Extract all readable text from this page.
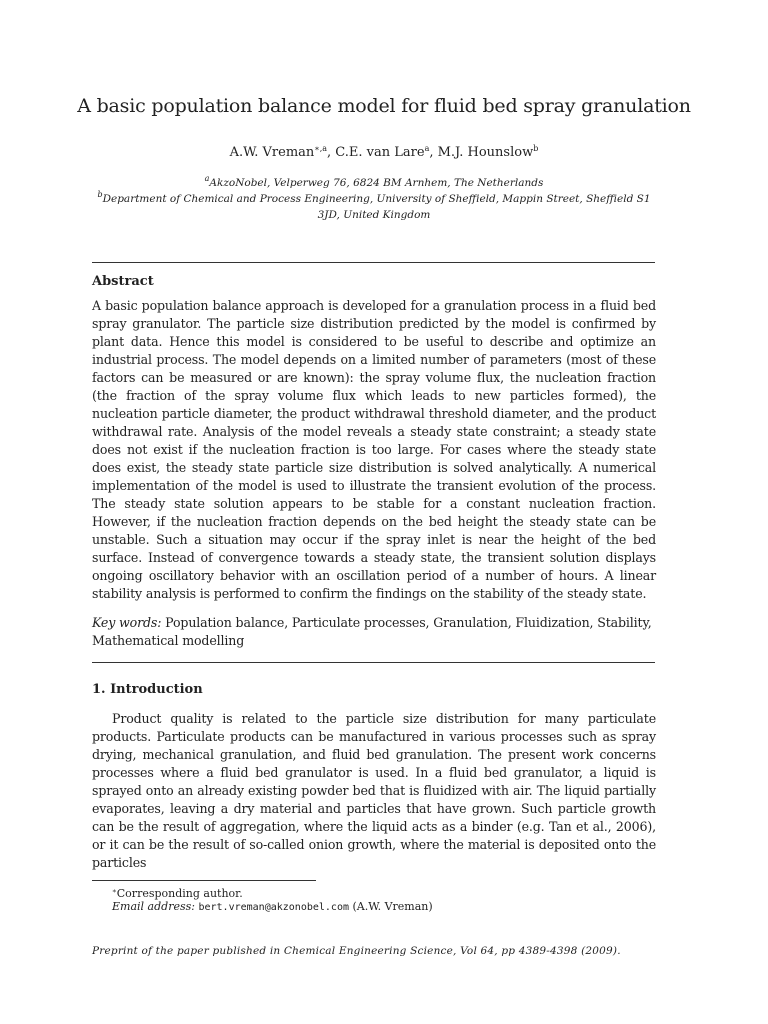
A basic population balance model for fluid bed spray granulation
A.W. Vreman$^{∗,a}$, C.E. van Lare$^a$, M.J. Hounslow$^b$
$^a$AkzoNobel, Velperweg 76, 6824 BM Arnhem, The Netherlands
$^b$Department of Chemical and Process Engineering, University of Sheffield, Mappin Street, Sheffield S1 3JD, United Kingdom
Abstract
A basic population balance approach is developed for a granulation process in a fluid bed spray granulator. The particle size distribution predicted by the model is confirmed by plant data. Hence this model is considered to be useful to describe and optimize an industrial process. The model depends on a limited number of parameters (most of these factors can be measured or are known): the spray volume flux, the nucleation fraction (the fraction of the spray volume flux which leads to new particles formed), the nucleation particle diameter, the product withdrawal threshold diameter, and the product withdrawal rate. Analysis of the model reveals a steady state constraint; a steady state does not exist if the nucleation fraction is too large. For cases where the steady state does exist, the steady state particle size distribution is solved analytically. A numerical implementation of the model is used to illustrate the transient evolution of the process. The steady state solution appears to be stable for a constant nucleation fraction. However, if the nucleation fraction depends on the bed height the steady state can be unstable. Such a situation may occur if the spray inlet is near the height of the bed surface. Instead of convergence towards a steady state, the transient solution displays ongoing oscillatory behavior with an oscillation period of a number of hours. A linear stability analysis is performed to confirm the findings on the stability of the steady state.
Key words: Population balance, Particulate processes, Granulation, Fluidization, Stability, Mathematical modelling
1. Introduction
Product quality is related to the particle size distribution for many particulate products. Particulate products can be manufactured in various processes such as spray drying, mechanical granulation, and fluid bed granulation. The present work concerns processes where a fluid bed granulator is used. In a fluid bed granulator, a liquid is sprayed onto an already existing powder bed that is fluidized with air. The liquid partially evaporates, leaving a dry material and particles that have grown. Such particle growth can be the result of aggregation, where the liquid acts as a binder (e.g. Tan et al., 2006), or it can be the result of so-called onion growth, where the material is deposited onto the particles
∗Corresponding author.
Email address: bert.vreman@akzonobel.com (A.W. Vreman)
Preprint of the paper published in Chemical Engineering Science, Vol 64, pp 4389-4398 (2009).
